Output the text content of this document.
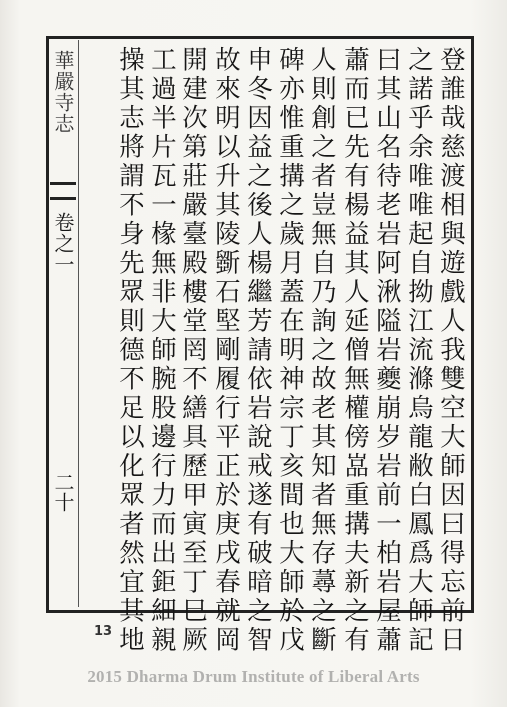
華嚴寺志
卷之一
二十	登誰哉慈渡相與遊戲人我雙空大師因曰得忘前日
之諾乎余唯唯起自拗江流滌烏龍敝白鳳爲大師記
曰其山名待老岩阿湫隘岩夔崩岁岩前一柏岩屋蕭
蕭而已先有楊益其人延僧無權傍嵓重搆夫新之有
人則創之者豈無自乃詢之故老其知者無存蕁之斷
碑亦惟重搆之歲月蓋在明神宗丁亥間也大師於戊
申冬因益之後人楊繼芳請依岩說戒遂有破暗之智
故來明以升其陵斵石堅剛履行平正於庚戌春就岡
開建次第莊嚴臺殿樓堂罔不繕具歷甲寅至丁巳厥
工過半片瓦一椽無非大師腕股邊行力而出鉅細親
操其志將謂不身先眾則德不足以化眾者然宜其地
13
2015 Dharma Drum Institute of Liberal Arts
